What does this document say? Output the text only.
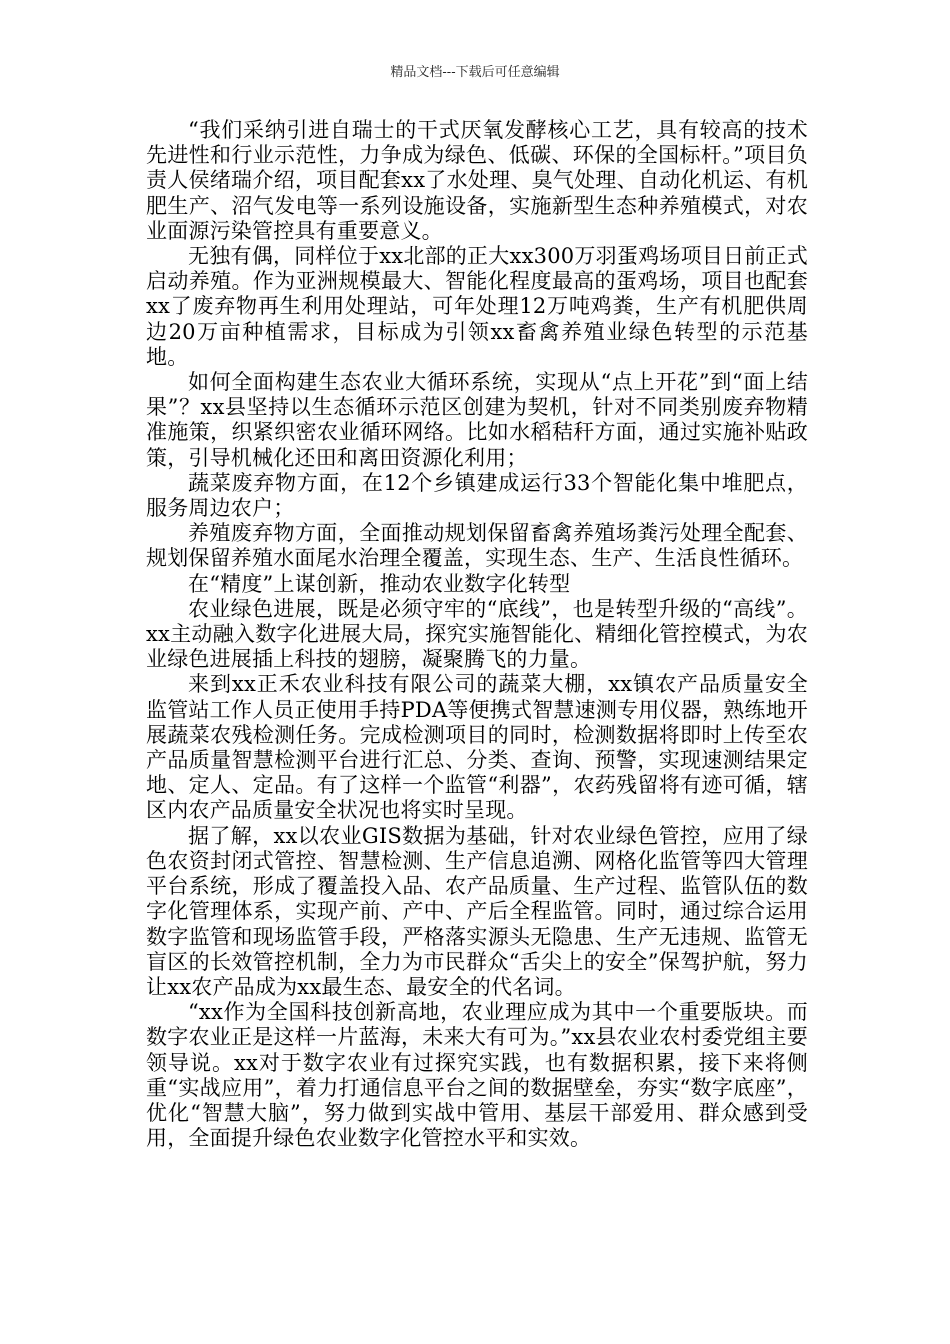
精品文档---下载后可任意编辑

“我们采纳引进自瑞士的干式厌氧发酵核心工艺，具有较高的技术先进性和行业示范性，力争成为绿色、低碳、环保的全国标杆。”项目负责人侯绪瑞介绍，项目配套xx了水处理、臭气处理、自动化机运、有机肥生产、沼气发电等一系列设施设备，实施新型生态种养殖模式，对农业面源污染管控具有重要意义。

无独有偶，同样位于xx北部的正大xx300万羽蛋鸡场项目日前正式启动养殖。作为亚洲规模最大、智能化程度最高的蛋鸡场，项目也配套xx了废弃物再生利用处理站，可年处理12万吨鸡粪，生产有机肥供周边20万亩种植需求，目标成为引领xx畜禽养殖业绿色转型的示范基地。

如何全面构建生态农业大循环系统，实现从“点上开花”到“面上结果”？xx县坚持以生态循环示范区创建为契机，针对不同类别废弃物精准施策，织紧织密农业循环网络。比如水稻秸秆方面，通过实施补贴政策，引导机械化还田和离田资源化利用；

蔬菜废弃物方面，在12个乡镇建成运行33个智能化集中堆肥点，服务周边农户；

养殖废弃物方面，全面推动规划保留畜禽养殖场粪污处理全配套、规划保留养殖水面尾水治理全覆盖，实现生态、生产、生活良性循环。

在“精度”上谋创新，推动农业数字化转型

农业绿色进展，既是必须守牢的“底线”，也是转型升级的“高线”。xx主动融入数字化进展大局，探究实施智能化、精细化管控模式，为农业绿色进展插上科技的翅膀，凝聚腾飞的力量。

来到xx正禾农业科技有限公司的蔬菜大棚，xx镇农产品质量安全监管站工作人员正使用手持PDA等便携式智慧速测专用仪器，熟练地开展蔬菜农残检测任务。完成检测项目的同时，检测数据将即时上传至农产品质量智慧检测平台进行汇总、分类、查询、预警，实现速测结果定地、定人、定品。有了这样一个监管“利器”，农药残留将有迹可循，辖区内农产品质量安全状况也将实时呈现。

据了解，xx以农业GIS数据为基础，针对农业绿色管控，应用了绿色农资封闭式管控、智慧检测、生产信息追溯、网格化监管等四大管理平台系统，形成了覆盖投入品、农产品质量、生产过程、监管队伍的数字化管理体系，实现产前、产中、产后全程监管。同时，通过综合运用数字监管和现场监管手段，严格落实源头无隐患、生产无违规、监管无盲区的长效管控机制，全力为市民群众“舌尖上的安全”保驾护航，努力让xx农产品成为xx最生态、最安全的代名词。

“xx作为全国科技创新高地，农业理应成为其中一个重要版块。而数字农业正是这样一片蓝海，未来大有可为。”xx县农业农村委党组主要领导说。xx对于数字农业有过探究实践，也有数据积累，接下来将侧重“实战应用”，着力打通信息平台之间的数据壁垒，夯实“数字底座”，优化“智慧大脑”，努力做到实战中管用、基层干部爱用、群众感到受用，全面提升绿色农业数字化管控水平和实效。
